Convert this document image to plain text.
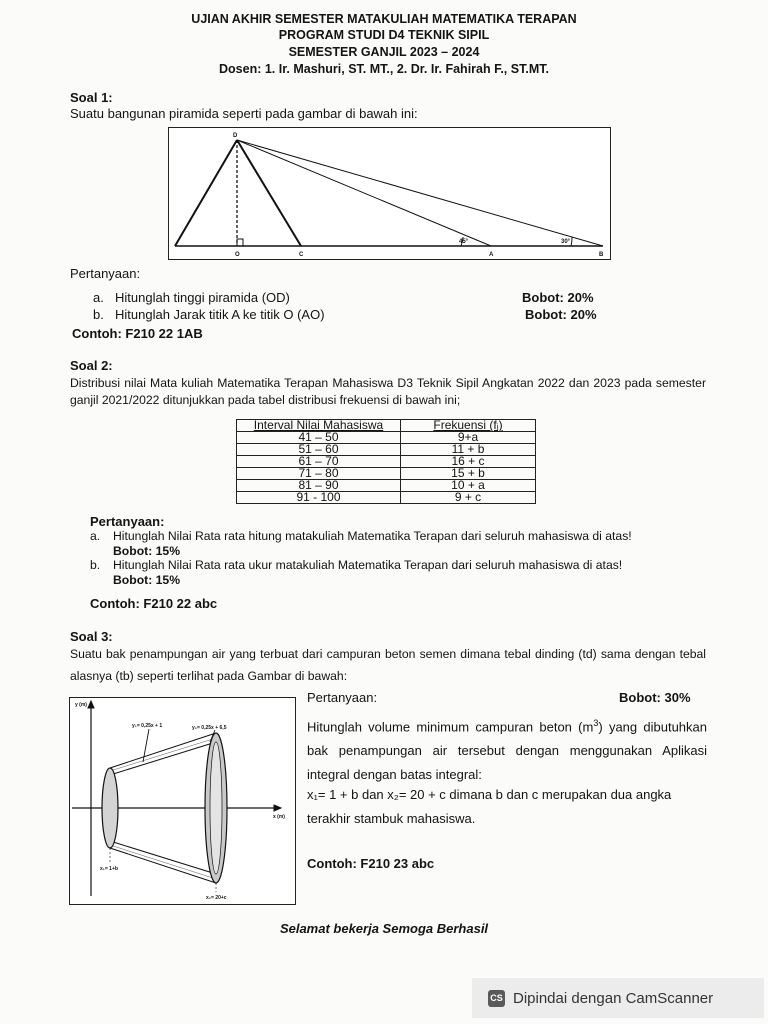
UJIAN AKHIR SEMESTER MATAKULIAH MATEMATIKA TERAPAN
PROGRAM STUDI D4 TEKNIK SIPIL
SEMESTER GANJIL 2023 – 2024
Dosen: 1. Ir. Mashuri, ST. MT., 2. Dr. Ir. Fahirah F., ST.MT.
Soal 1:
Suatu bangunan piramida seperti pada gambar di bawah ini:
D
O	C	A	B
45°	30°
Pertanyaan:
a. Hitunglah tinggi piramida (OD)	Bobot: 20%
b. Hitunglah Jarak titik A ke titik O (AO)	Bobot: 20%
Contoh: F210 22 1AB
Soal 2:
Distribusi nilai Mata kuliah Matematika Terapan Mahasiswa D3 Teknik Sipil Angkatan 2022 dan 2023 pada semester ganjil 2021/2022 ditunjukkan pada tabel distribusi frekuensi di bawah ini;
Interval Nilai Mahasiswa	Frekuensi (fᵢ)
41 – 50	9+a
51 – 60	11 + b
61 – 70	16 + c
71 – 80	15 + b
81 – 90	10 + a
91 - 100	9 + c
Pertanyaan:
a. Hitunglah Nilai Rata rata hitung matakuliah Matematika Terapan dari seluruh mahasiswa di atas!
Bobot: 15%
b. Hitunglah Nilai Rata rata ukur matakuliah Matematika Terapan dari seluruh mahasiswa di atas!
Bobot: 15%
Contoh: F210 22 abc
Soal 3:
Suatu bak penampungan air yang terbuat dari campuran beton semen dimana tebal dinding (td) sama dengan tebal alasnya (tb) seperti terlihat pada Gambar di bawah:
y (m)
x (m)
y₁= 0,25x + 1	y₂= 0,25x + 6,5
x₁= 1+b
x₂= 20+c
Pertanyaan:	Bobot: 30%
Hitunglah volume minimum campuran beton $(m^3)$ yang dibutuhkan bak penampungan air tersebut dengan menggunakan Aplikasi integral dengan batas integral:
x₁= 1 + b dan x₂= 20 + c dimana b dan c merupakan dua angka terakhir stambuk mahasiswa.
Contoh: F210 23 abc
Selamat bekerja Semoga Berhasil
CS Dipindai dengan CamScanner
